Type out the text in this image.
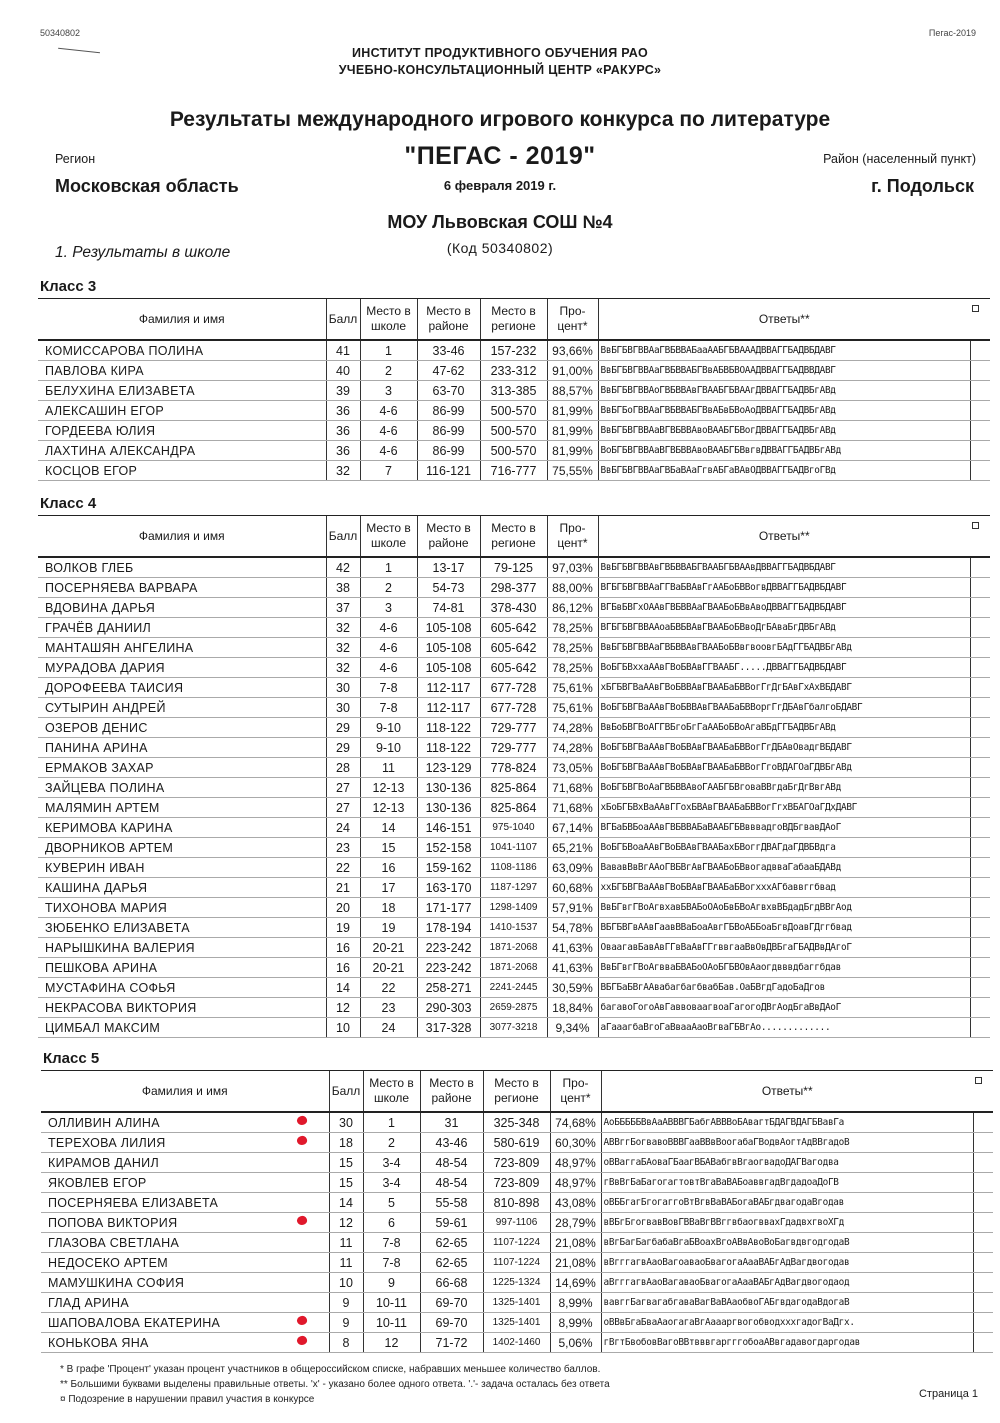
50340802	Пегас-2019
ИНСТИТУТ ПРОДУКТИВНОГО ОБУЧЕНИЯ РАО
УЧЕБНО-КОНСУЛЬТАЦИОННЫЙ ЦЕНТР «РАКУРС»
Результаты международного игрового конкурса по литературе
"ПЕГАС - 2019"
6 февраля 2019 г.
Регион
Московская область
Район (населенный пункт)
г. Подольск
МОУ Львовская СОШ №4
(Код 50340802)
1. Результаты в школе
Класс 3
Фамилия и имя	Балл	Место в школе	Место в районе	Место в регионе	Про-цент*	Ответы**	

КОМИССАРОВА ПОЛИНА	41	1	33-46	157-232	93,66%	ВвБГБВГВВАаГВБВВАБааААБГБВАААДВВАГГБАДВБДАВГ	

ПАВЛОВА КИРА	40	2	47-62	233-312	91,00%	ВвБГБВГВВАаГВБВВАБГВвАБВБВОААДВВАГГБАДВВДАВГ	

БЕЛУХИНА ЕЛИЗАВЕТА	39	3	63-70	313-385	88,57%	ВвБГБВГВВАоГВБВВАвГВААБГБВААгДВВАГГБАДВБгАВд	

АЛЕКСАШИН ЕГОР	36	4-6	86-99	500-570	81,99%	ВвБГБоГВВАаГВБВВАБГВвАБвБВоАоДВВАГГБАДВБгАВд	

ГОРДЕЕВА ЮЛИЯ	36	4-6	86-99	500-570	81,99%	ВвБГБВГВВАаВГВБВВАвоВААБГБВогДВВАГГБАДВБгАВд	

ЛАХТИНА АЛЕКСАНДРА	36	4-6	86-99	500-570	81,99%	ВоБГБВГВВАаВГВБВВАвоВААБГБВвгвДВВАГГБАДВБгАВд	

КОСЦОВ ЕГОР	32	7	116-121	716-777	75,55%	ВвБГБВГВВАаГВБаВАаГгвАБГаВАвОДВВАГГБАДВгоГВд	
Класс 4
Фамилия и имя	Балл	Место в школе	Место в районе	Место в регионе	Про-цент*	Ответы**	

ВОЛКОВ ГЛЕБ	42	1	13-17	79-125	97,03%	ВвБГБВГВВАвГВБВВАБГВААБГБВААвДВВАГГБАДВБДАВГ	

ПОСЕРНЯЕВА ВАРВАРА	38	2	54-73	298-377	88,00%	ВГБГБВГВВАаГГВаБВАвГгААБоБВВогвДВВАГГБАДВБДАВГ	

ВДОВИНА ДАРЬЯ	37	3	74-81	378-430	86,12%	ВГБвБВГхОААвГВБВВАаГВААБоБВвАвоДВВАГГБАДВБДАВГ	

ГРАЧЁВ ДАНИИЛ	32	4-6	105-108	605-642	78,25%	ВГБГБВГВВААоаБВБВАвГВААБоБВвоДгБАваБгДВБгАВд	

МАНТАШЯН АНГЕЛИНА	32	4-6	105-108	605-642	78,25%	ВвБГБВГВВАаГВБВВАвГВААБоБВвгвоовгБАдГГБАДВБгАВд	

МУРАДОВА ДАРИЯ	32	4-6	105-108	605-642	78,25%	ВоБГБВхxаААвГВоБВАвГГВААБГ.....ДВВАГГБАДВБДАВГ	

ДОРОФЕЕВА ТАИСИЯ	30	7-8	112-117	677-728	75,61%	хБГБВГВаААвГВоБВВАвГВААБаБВВогГгДгБАвГхАхВБДАВГ	

СУТЫРИН АНДРЕЙ	30	7-8	112-117	677-728	75,61%	ВоБГБВГВаААвГВоБВВАвГВААБаБВВоргГгДБАвГбалгоБДАВГ	

ОЗЕРОВ ДЕНИС	29	9-10	118-122	729-777	74,28%	ВвБоБВГВоАГГВБгоБгГаААБоБВоАгаВБдГГБАДВБгАВд	

ПАНИНА АРИНА	29	9-10	118-122	729-777	74,28%	ВоБГБВГВаААвГВоБВАвГВААБаБВВогГгДБАвОвадгВБДАВГ	

ЕРМАКОВ ЗАХАР	28	11	123-129	778-824	73,05%	ВоБГБВГВаААвГВоБВАвГВААБаБВВогГгоВДАГОаГДВБгАВд	

ЗАЙЦЕВА ПОЛИНА	27	12-13	130-136	825-864	71,68%	ВоБГБВГВоАаГВБВВАвоГААБГБВговаВВгдаБгДгВвгАВд	

МАЛЯМИН АРТЕМ	27	12-13	130-136	825-864	71,68%	хБоБГБВхВаААвГГохБВАвГВААБаБВВогГгхВБАГОаГДхДАВГ	

КЕРИМОВА КАРИНА	24	14	146-151	975-1040	67,14%	ВГБаБВБоаААвГВБВВАБаВААБГБВвввадгоВДБгвавДАоГ	

ДВОРНИКОВ АРТЕМ	23	15	152-158	1041-1107	65,21%	ВоБГБВоаААвГВоБВАвГВААБахБВоггДВАГдаГДВБВдга	

КУВЕРИН ИВАН	22	16	159-162	1108-1186	63,09%	ВававВвВгААоГВБВгАвГВААБоБВвогадвваГабааБДАВд	

КАШИНА ДАРЬЯ	21	17	163-170	1187-1297	60,68%	ххБГБВГВаААвГВоБВАвГВААБаБВогхххАГбаввггбвад	

ТИХОНОВА МАРИЯ	20	18	171-177	1298-1409	57,91%	ВвБГвгГВоАгвхавБВАБоОАоБвБВоАгвхвВБдадБгдВВгАод	

ЗЮБЕНКО ЕЛИЗАВЕТА	19	19	178-194	1410-1537	54,78%	ВБГБВГвААвГаавВВаБоаАвгГБВоАББоаБгвДоавГДггбвад	

НАРЫШКИНА ВАЛЕРИЯ	16	20-21	223-242	1871-2068	41,63%	ОваагавБавАвГГвВаАвГГгввгааВвОвДВБгаГБАДВвДАгоГ	

ПЕШКОВА АРИНА	16	20-21	223-242	1871-2068	41,63%	ВвБГвгГВоАгвваБВАБоОАоБГБВОвАаогдвввдбаггбдав	

МУСТАФИНА СОФЬЯ	14	22	258-271	2241-2445	30,59%	ВБГБаБВгААвабагбагбвабБав.ОаБВгдГадоБаДгов	

НЕКРАСОВА ВИКТОРИЯ	12	23	290-303	2659-2875	18,84%	багавоГогоАвГаввоваагвоаГагогоДВгАодБгаВвДАоГ	

ЦИМБАЛ МАКСИМ	10	24	317-328	3077-3218	9,34%	аГааагбаВгоГаВвааАаоВгваГБВгАо.............	
Класс 5
Фамилия и имя	Балл	Место в школе	Место в районе	Место в регионе	Про-цент*	Ответы**	

ОЛЛИВИН АЛИНА	30	1	31	325-348	74,68%	АоБББББВвАаАВВВГБабгАВВВоБАвагтБДАГВДАГБВавГа	

ТЕРЕХОВА ЛИЛИЯ	18	2	43-46	580-619	60,30%	АВВггБогвавоВВВГааВВвВоогабаГВодвАогтАдВВгадоВ	

КИРАМОВ ДАНИЛ	15	3-4	48-54	723-809	48,97%	оВВаггаБАоваГБаагВБАВабгвВгаогвадоДАГВагодва	

ЯКОВЛЕВ ЕГОР	15	3-4	48-54	723-809	48,97%	гВвВгБаБагогагтовтВгаВаВАБоаввгадВгдадоаДоГВ	

ПОСЕРНЯЕВА ЕЛИЗАВЕТА	14	5	55-58	810-898	43,08%	оВББгагБгогаггоВтВгвВаВАБогаВАБгдвагодаВгодав	

ПОПОВА ВИКТОРИЯ	12	6	59-61	997-1106	28,79%	вВБгБгогвавВовГВВаВгВВггвбаогввахГдадвхгвоХГд	

ГЛАЗОВА СВЕТЛАНА	11	7-8	62-65	1107-1224	21,08%	вВгБагБагбабаВгаБВоахВгоАВвАвоВоБагвдвгодгодаВ	

НЕДОСЕКО АРТЕМ	11	7-8	62-65	1107-1224	21,08%	вВгггагвАаоВагоаваоБвагогаАааВАБгАдВагдвогодав	

МАМУШКИНА СОФИЯ	10	9	66-68	1225-1324	14,69%	аВгггагвАаоВагаваоБвагогаАааВАБгАдВагдвогодаод	

ГЛАД АРИНА	9	10-11	69-70	1325-1401	8,99%	вавггБагвагабгаваВагВаВАаобвоГАБгвдагодаВдогаВ	

ШАПОВАЛОВА ЕКАТЕРИНА	9	10-11	69-70	1325-1401	8,99%	оВВвБгаБваАаогагаВгАаааргвогобводхххгадогВаДгх.	

КОНЬКОВА ЯНА	8	12	71-72	1402-1460	5,06%	гВгтБвобовВагоВВтвввгаргггобоаАВвгадавогдаргодав	
* В графе 'Процент' указан процент участников в общероссийском списке, набравших меньшее количество баллов.
** Большими буквами выделены правильные ответы. 'x' - указано более одного ответа. '.'- задача осталась без ответа
¤ Подозрение в нарушении правил участия в конкурсе	Страница 1
